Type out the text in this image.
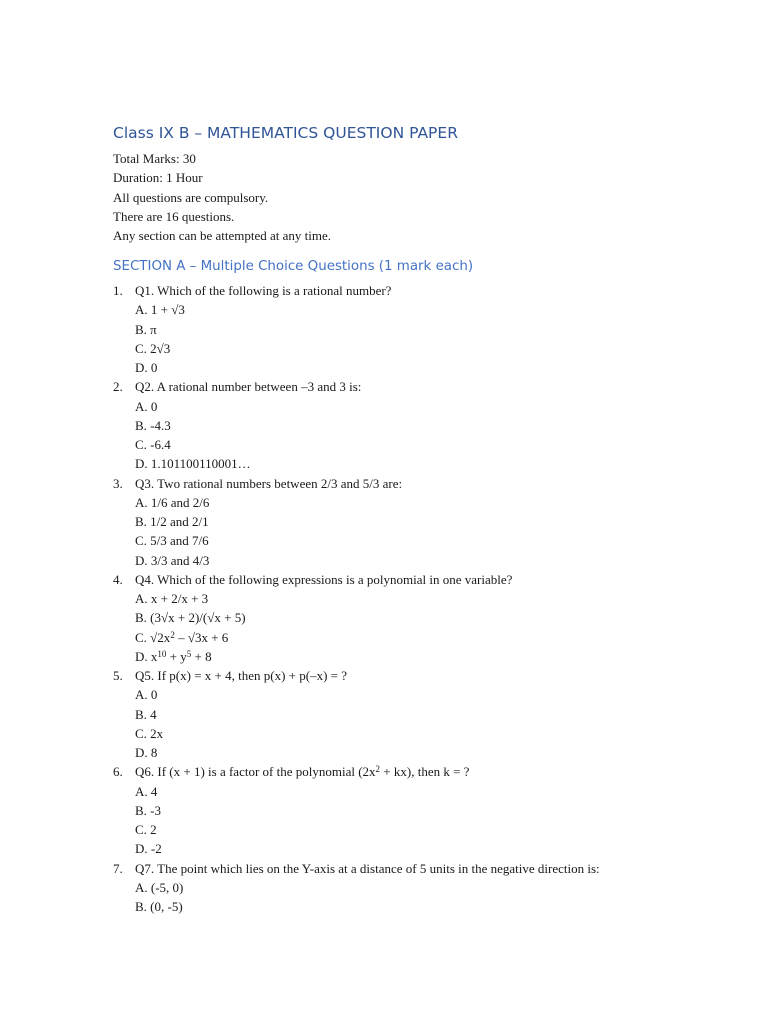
Class IX B – MATHEMATICS QUESTION PAPER
Total Marks: 30
Duration: 1 Hour
All questions are compulsory.
There are 16 questions.
Any section can be attempted at any time.
SECTION A – Multiple Choice Questions (1 mark each)
1. Q1. Which of the following is a rational number?
A. 1 + √3
B. π
C. 2√3
D. 0
2. Q2. A rational number between –3 and 3 is:
A. 0
B. -4.3
C. -6.4
D. 1.101100110001…
3. Q3. Two rational numbers between 2/3 and 5/3 are:
A. 1/6 and 2/6
B. 1/2 and 2/1
C. 5/3 and 7/6
D. 3/3 and 4/3
4. Q4. Which of the following expressions is a polynomial in one variable?
A. x + 2/x + 3
B. (3√x + 2)/(√x + 5)
C. $√2x^2 - √3x + 6$
D. $x^{10} + y^5 + 8$
5. Q5. If p(x) = x + 4, then p(x) + p(–x) = ?
A. 0
B. 4
C. 2x
D. 8
6. Q6. If (x + 1) is a factor of the polynomial $(2x^2 + kx)$, then k = ?
A. 4
B. -3
C. 2
D. -2
7. Q7. The point which lies on the Y-axis at a distance of 5 units in the negative direction is:
A. (-5, 0)
B. (0, -5)
